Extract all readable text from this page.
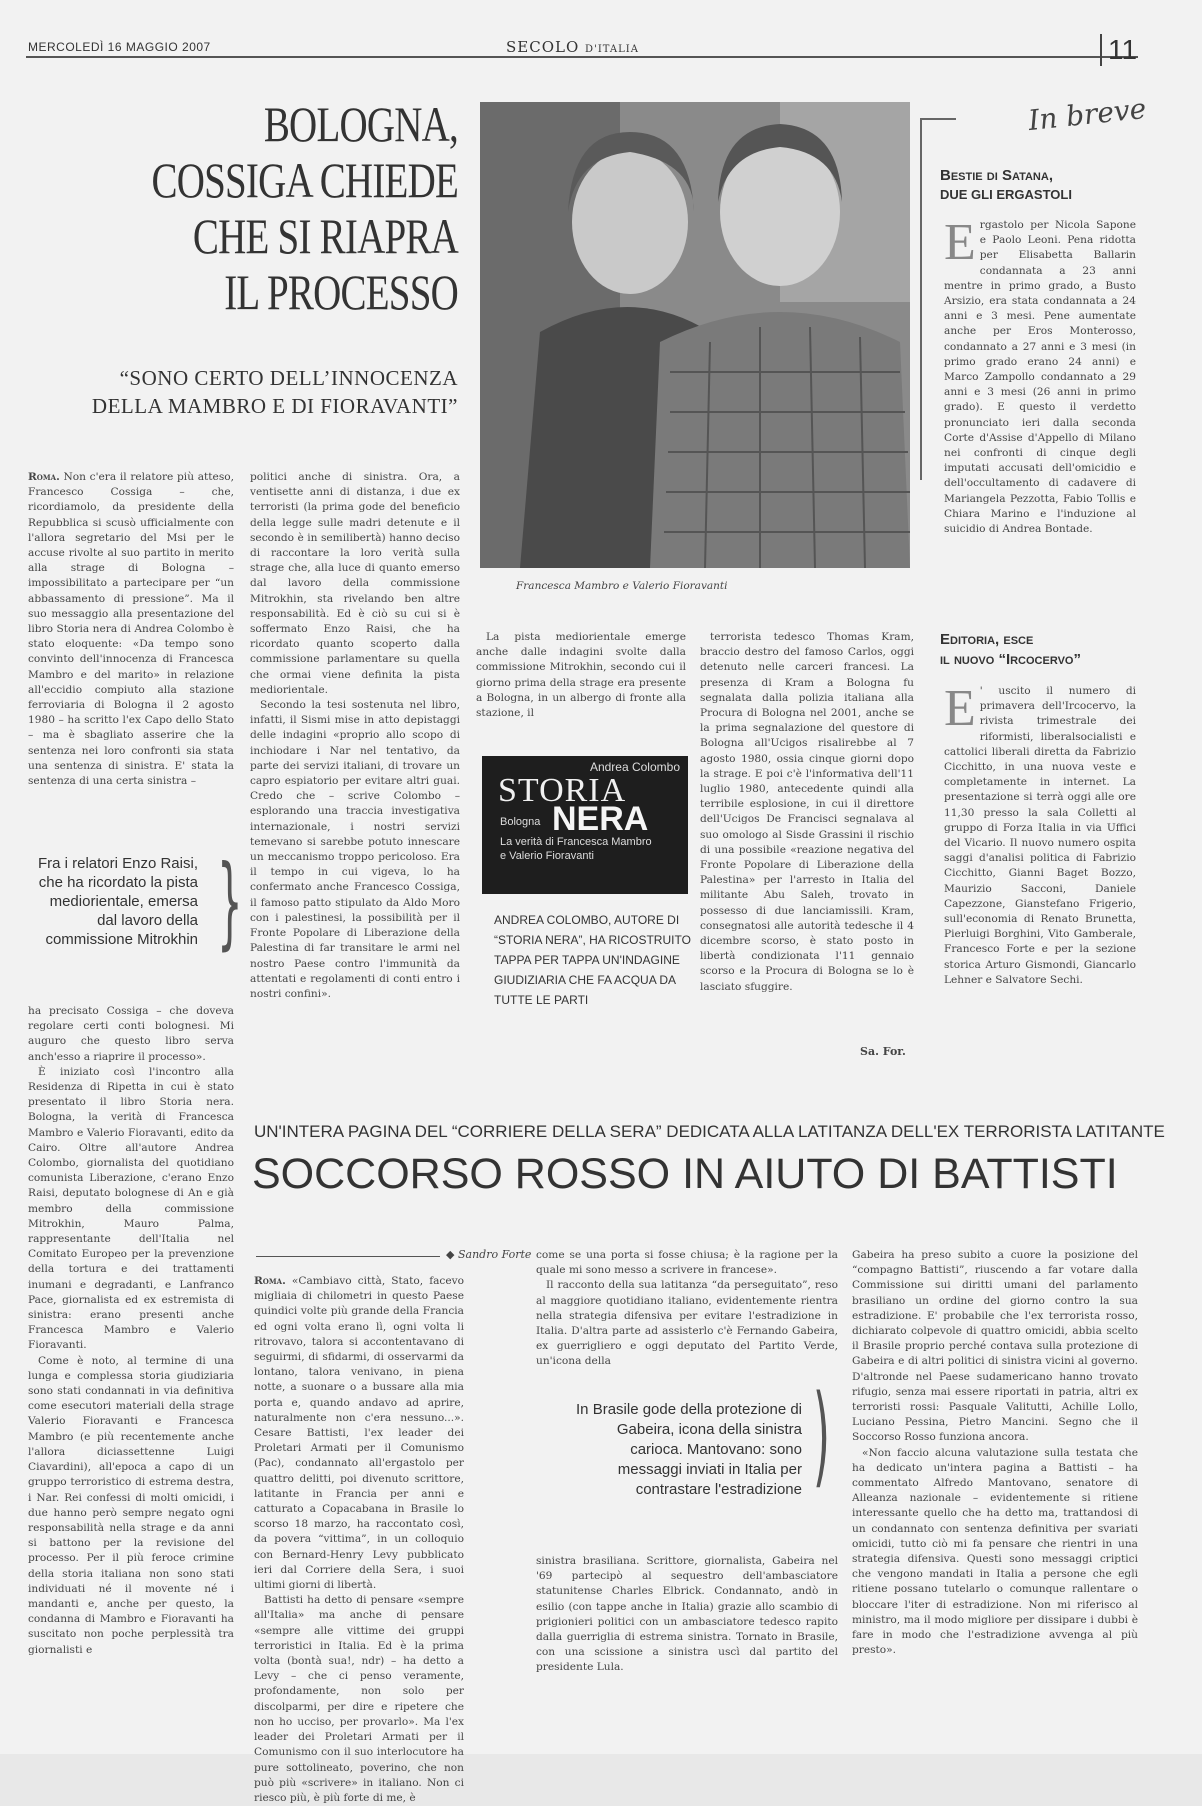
MERCOLEDÌ 16 MAGGIO 2007	SECOLO D'ITALIA	11
BOLOGNA,
COSSIGA CHIEDE
CHE SI RIAPRA
IL PROCESSO
“SONO CERTO DELL’INNOCENZA
DELLA MAMBRO E DI FIORAVANTI”

Roma. Non c'era il relatore più atteso, Francesco Cossiga – che, ricordiamolo, da presidente della Repubblica si scusò ufficialmente con l'allora segretario del Msi per le accuse rivolte al suo partito in merito alla strage di Bologna – impossibilitato a partecipare per “un abbassamento di pressione”. Ma il suo messaggio alla presentazione del libro Storia nera di Andrea Colombo è stato eloquente: «Da tempo sono convinto dell'innocenza di Francesca Mambro e del marito» in relazione all'eccidio compiuto alla stazione ferroviaria di Bologna il 2 agosto 1980 – ha scritto l'ex Capo dello Stato – ma è sbagliato asserire che la sentenza nei loro confronti sia stata una sentenza di sinistra. E' stata la sentenza di una certa sinistra –

Fra i relatori Enzo Raisi, che ha ricordato la pista mediorientale, emersa dal lavoro della commissione Mitrokhin }

ha precisato Cossiga – che doveva regolare certi conti bolognesi. Mi auguro che questo libro serva anch'esso a riaprire il processo».

È iniziato così l'incontro alla Residenza di Ripetta in cui è stato presentato il libro Storia nera. Bologna, la verità di Francesca Mambro e Valerio Fioravanti, edito da Cairo. Oltre all'autore Andrea Colombo, giornalista del quotidiano comunista Liberazione, c'erano Enzo Raisi, deputato bolognese di An e già membro della commissione Mitrokhin, Mauro Palma, rappresentante dell'Italia nel Comitato Europeo per la prevenzione della tortura e dei trattamenti inumani e degradanti, e Lanfranco Pace, giornalista ed ex estremista di sinistra: erano presenti anche Francesca Mambro e Valerio Fioravanti.

Come è noto, al termine di una lunga e complessa storia giudiziaria sono stati condannati in via definitiva come esecutori materiali della strage Valerio Fioravanti e Francesca Mambro (e più recentemente anche l'allora diciassettenne Luigi Ciavardini), all'epoca a capo di un gruppo terroristico di estrema destra, i Nar. Rei confessi di molti omicidi, i due hanno però sempre negato ogni responsabilità nella strage e da anni si battono per la revisione del processo. Per il più feroce crimine della storia italiana non sono stati individuati né il movente né i mandanti e, anche per questo, la condanna di Mambro e Fioravanti ha suscitato non poche perplessità tra giornalisti e

politici anche di sinistra. Ora, a ventisette anni di distanza, i due ex terroristi (la prima gode del beneficio della legge sulle madri detenute e il secondo è in semilibertà) hanno deciso di raccontare la loro verità sulla strage che, alla luce di quanto emerso dal lavoro della commissione Mitrokhin, sta rivelando ben altre responsabilità. Ed è ciò su cui si è soffermato Enzo Raisi, che ha ricordato quanto scoperto dalla commissione parlamentare su quella che ormai viene definita la pista mediorientale.

Secondo la tesi sostenuta nel libro, infatti, il Sismi mise in atto depistaggi delle indagini «proprio allo scopo di inchiodare i Nar nel tentativo, da parte dei servizi italiani, di trovare un capro espiatorio per evitare altri guai. Credo che – scrive Colombo – esplorando una traccia investigativa internazionale, i nostri servizi temevano si sarebbe potuto innescare un meccanismo troppo pericoloso. Era il tempo in cui vigeva, lo ha confermato anche Francesco Cossiga, il famoso patto stipulato da Aldo Moro con i palestinesi, la possibilità per il Fronte Popolare di Liberazione della Palestina di far transitare le armi nel nostro Paese contro l'immunità da attentati e regolamenti di conti entro i nostri confini».

Francesca Mambro e Valerio Fioravanti

La pista mediorientale emerge anche dalle indagini svolte dalla commissione Mitrokhin, secondo cui il giorno prima della strage era presente a Bologna, in un albergo di fronte alla stazione, il

Andrea Colombo
STORIA
Bologna NERA
La verità di Francesca Mambro
e Valerio Fioravanti
ANDREA COLOMBO, AUTORE DI “STORIA NERA”, HA RICOSTRUITO TAPPA PER TAPPA UN'INDAGINE GIUDIZIARIA CHE FA ACQUA DA TUTTE LE PARTI

terrorista tedesco Thomas Kram, braccio destro del famoso Carlos, oggi detenuto nelle carceri francesi. La presenza di Kram a Bologna fu segnalata dalla polizia italiana alla Procura di Bologna nel 2001, anche se la prima segnalazione del questore di Bologna all'Ucigos risalirebbe al 7 agosto 1980, ossia cinque giorni dopo la strage. E poi c'è l'informativa dell'11 luglio 1980, antecedente quindi alla terribile esplosione, in cui il direttore dell'Ucigos De Francisci segnalava al suo omologo al Sisde Grassini il rischio di una possibile «reazione negativa del Fronte Popolare di Liberazione della Palestina» per l'arresto in Italia del militante Abu Saleh, trovato in possesso di due lanciamissili. Kram, consegnatosi alle autorità tedesche il 4 dicembre scorso, è stato posto in libertà condizionata l'11 gennaio scorso e la Procura di Bologna se lo è lasciato sfuggire.

Sa. For.
In breve
Bestie di Satana,
DUE GLI ERGASTOLI
Ergastolo per Nicola Sapone e Paolo Leoni. Pena ridotta per Elisabetta Ballarin condannata a 23 anni mentre in primo grado, a Busto Arsizio, era stata condannata a 24 anni e 3 mesi. Pene aumentate anche per Eros Monterosso, condannato a 27 anni e 3 mesi (in primo grado erano 24 anni) e Marco Zampollo condannato a 29 anni e 3 mesi (26 anni in primo grado). E questo il verdetto pronunciato ieri dalla seconda Corte d'Assise d'Appello di Milano nei confronti di cinque degli imputati accusati dell'omicidio e dell'occultamento di cadavere di Mariangela Pezzotta, Fabio Tollis e Chiara Marino e l'induzione al suicidio di Andrea Bontade.
Editoria, esce
il nuovo “Ircocervo”
E ' uscito il numero di primavera dell'Ircocervo, la rivista trimestrale dei riformisti, liberalsocialisti e cattolici liberali diretta da Fabrizio Cicchitto, in una nuova veste e completamente in internet. La presentazione si terrà oggi alle ore 11,30 presso la sala Colletti al gruppo di Forza Italia in via Uffici del Vicario. Il nuovo numero ospita saggi d'analisi politica di Fabrizio Cicchitto, Gianni Baget Bozzo, Maurizio Sacconi, Daniele Capezzone, Gianstefano Frigerio, sull'economia di Renato Brunetta, Pierluigi Borghini, Vito Gamberale, Francesco Forte e per la sezione storica Arturo Gismondi, Giancarlo Lehner e Salvatore Sechi.
UN'INTERA PAGINA DEL “CORRIERE DELLA SERA” DEDICATA ALLA LATITANZA DELL'EX TERRORISTA LATITANTE
SOCCORSO ROSSO IN AIUTO DI BATTISTI
◆ Sandro Forte

Roma. «Cambiavo città, Stato, facevo migliaia di chilometri in questo Paese quindici volte più grande della Francia ed ogni volta erano lì, ogni volta li ritrovavo, talora si accontentavano di seguirmi, di sfidarmi, di osservarmi da lontano, talora venivano, in piena notte, a suonare o a bussare alla mia porta e, quando andavo ad aprire, naturalmente non c'era nessuno...». Cesare Battisti, l'ex leader dei Proletari Armati per il Comunismo (Pac), condannato all'ergastolo per quattro delitti, poi divenuto scrittore, latitante in Francia per anni e catturato a Copacabana in Brasile lo scorso 18 marzo, ha raccontato così, da povera “vittima”, in un colloquio con Bernard-Henry Levy pubblicato ieri dal Corriere della Sera, i suoi ultimi giorni di libertà.

Battisti ha detto di pensare «sempre all'Italia» ma anche di pensare «sempre alle vittime dei gruppi terroristici in Italia. Ed è la prima volta (bontà sua!, ndr) – ha detto a Levy – che ci penso veramente, profondamente, non solo per discolparmi, per dire e ripetere che non ho ucciso, per provarlo». Ma l'ex leader dei Proletari Armati per il Comunismo con il suo interlocutore ha pure sottolineato, poverino, che non può più «scrivere» in italiano. Non ci riesco più, è più forte di me, è

come se una porta si fosse chiusa; è la ragione per la quale mi sono messo a scrivere in francese».

Il racconto della sua latitanza “da perseguitato”, reso al maggiore quotidiano italiano, evidentemente rientra nella strategia difensiva per evitare l'estradizione in Italia. D'altra parte ad assisterlo c'è Fernando Gabeira, ex guerrigliero e oggi deputato del Partito Verde, un'icona della

In Brasile gode della protezione di Gabeira, icona della sinistra carioca. Mantovano: sono messaggi inviati in Italia per contrastare l'estradizione )

sinistra brasiliana. Scrittore, giornalista, Gabeira nel '69 partecipò al sequestro dell'ambasciatore statunitense Charles Elbrick. Condannato, andò in esilio (con tappe anche in Italia) grazie allo scambio di prigionieri politici con un ambasciatore tedesco rapito dalla guerriglia di estrema sinistra. Tornato in Brasile, con una scissione a sinistra uscì dal partito del presidente Lula.

Gabeira ha preso subito a cuore la posizione del “compagno Battisti”, riuscendo a far votare dalla Commissione sui diritti umani del parlamento brasiliano un ordine del giorno contro la sua estradizione. E' probabile che l'ex terrorista rosso, dichiarato colpevole di quattro omicidi, abbia scelto il Brasile proprio perché contava sulla protezione di Gabeira e di altri politici di sinistra vicini al governo. D'altronde nel Paese sudamericano hanno trovato rifugio, senza mai essere riportati in patria, altri ex terroristi rossi: Pasquale Valitutti, Achille Lollo, Luciano Pessina, Pietro Mancini. Segno che il Soccorso Rosso funziona ancora.

«Non faccio alcuna valutazione sulla testata che ha dedicato un'intera pagina a Battisti – ha commentato Alfredo Mantovano, senatore di Alleanza nazionale – evidentemente si ritiene interessante quello che ha detto ma, trattandosi di un condannato con sentenza definitiva per svariati omicidi, tutto ciò mi fa pensare che rientri in una strategia difensiva. Questi sono messaggi criptici che vengono mandati in Italia a persone che egli ritiene possano tutelarlo o comunque rallentare o bloccare l'iter di estradizione. Non mi riferisco al ministro, ma il modo migliore per dissipare i dubbi è fare in modo che l'estradizione avvenga al più presto».
